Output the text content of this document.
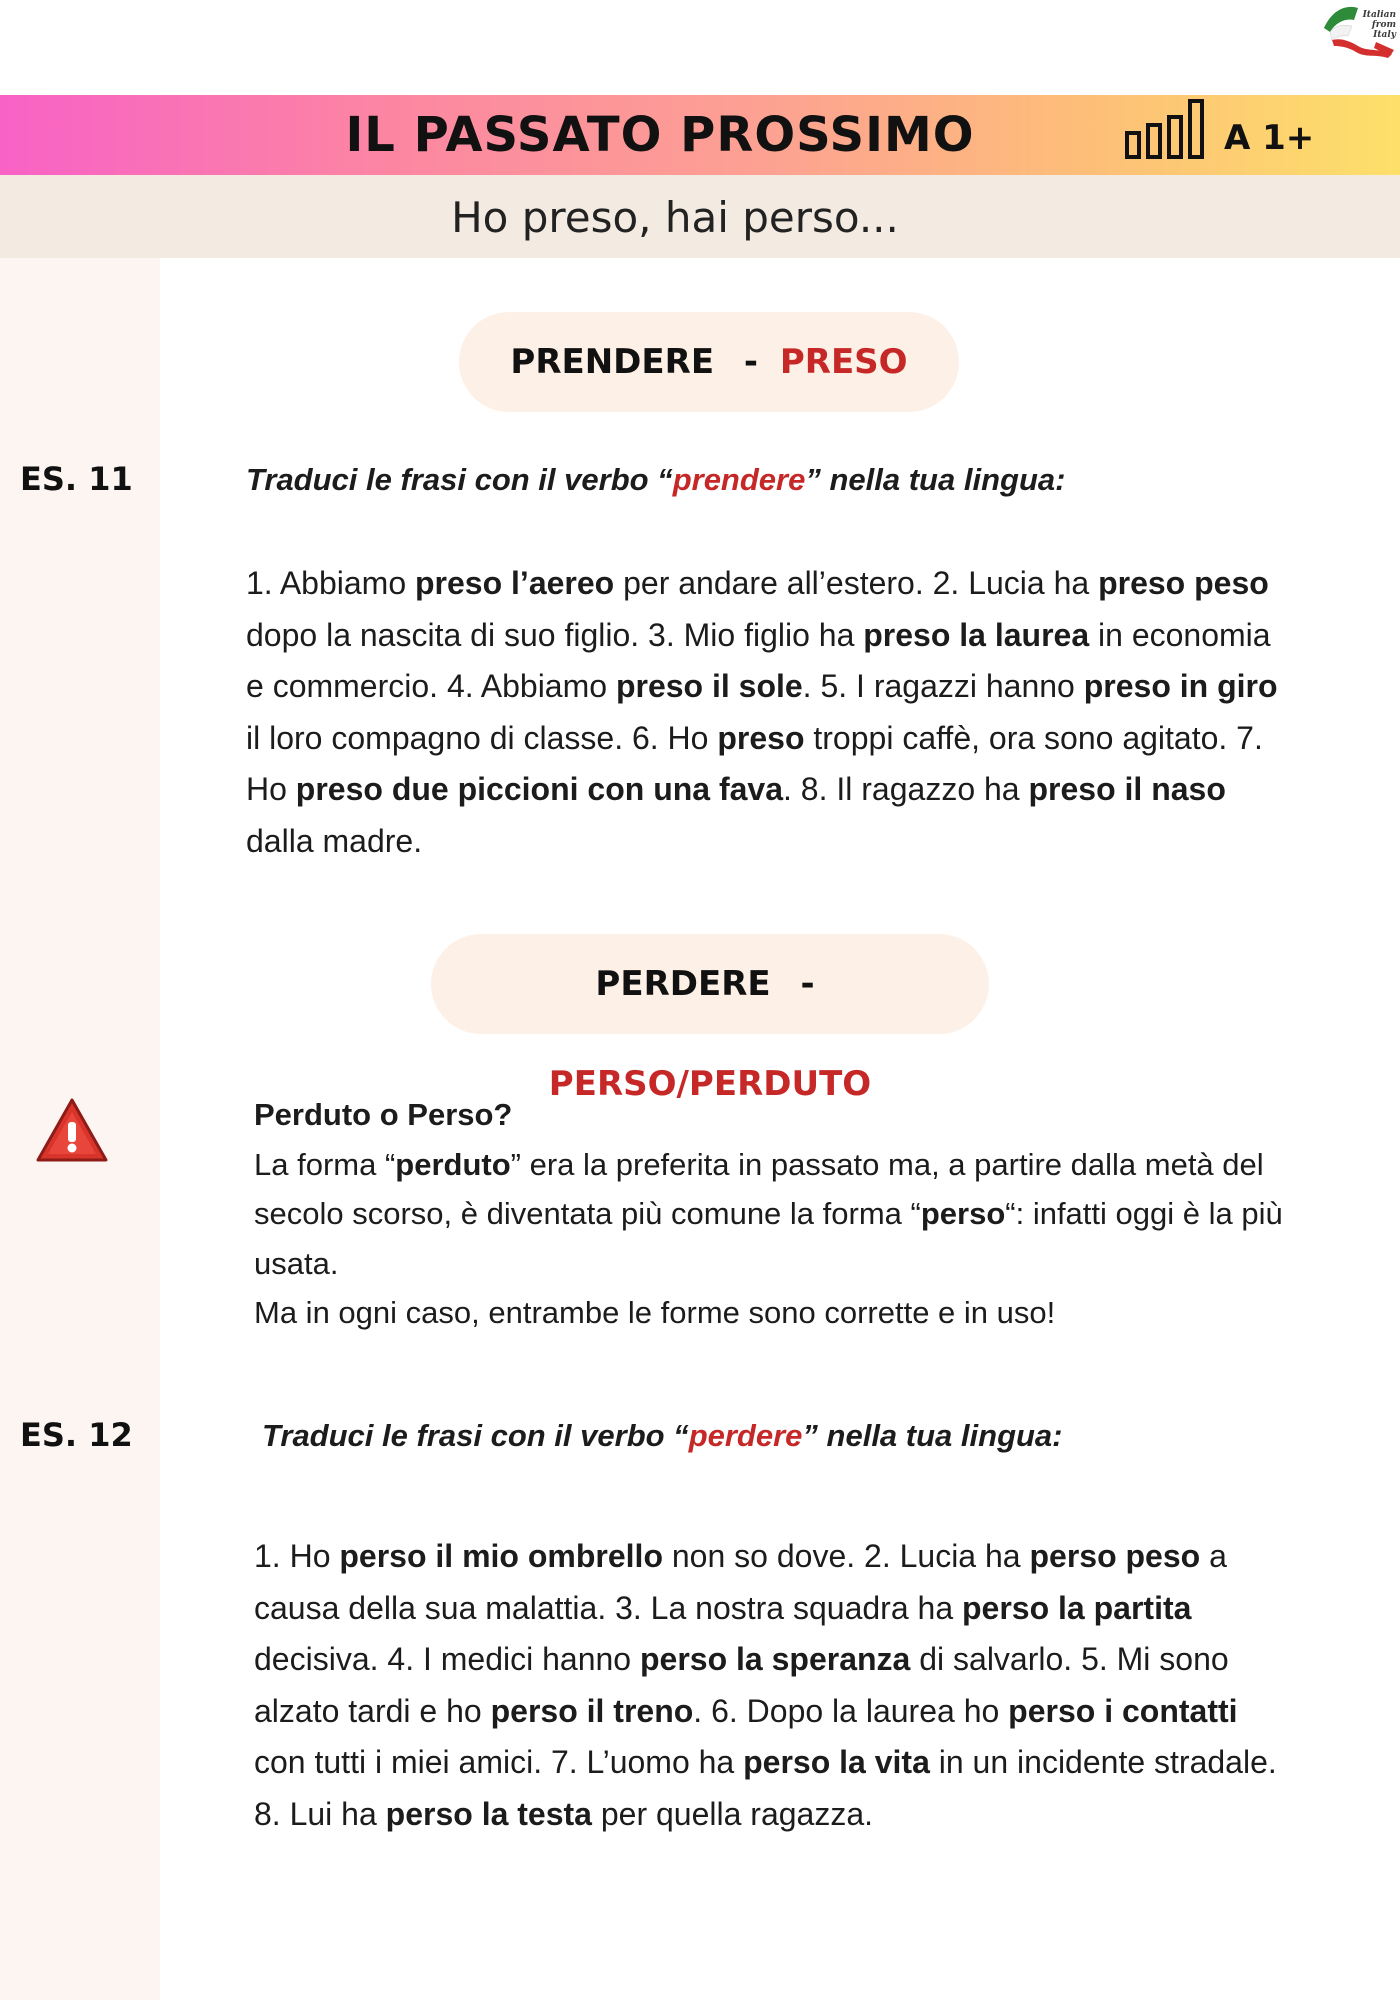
Italian
from
Italy
IL PASSATO PROSSIMO	A 1+
Ho preso, hai perso...
PRENDERE - PRESO
ES. 11	Traduci le frasi con il verbo “prendere” nella tua lingua:
1. Abbiamo preso l’aereo per andare all’estero. 2. Lucia ha preso peso dopo la nascita di suo figlio. 3. Mio figlio ha preso la laurea in economia e commercio. 4. Abbiamo preso il sole. 5. I ragazzi hanno preso in giro il loro compagno di classe. 6. Ho preso troppi caffè, ora sono agitato. 7. Ho preso due piccioni con una fava. 8. Il ragazzo ha preso il naso dalla madre.
PERDERE - PERSO/PERDUTO

Perduto o Perso?

La forma “perduto” era la preferita in passato ma, a partire dalla metà del secolo scorso, è diventata più comune la forma “perso“: infatti oggi è la più usata.

Ma in ogni caso, entrambe le forme sono corrette e in uso!

ES. 12	Traduci le frasi con il verbo “perdere” nella tua lingua:
1. Ho perso il mio ombrello non so dove. 2. Lucia ha perso peso a causa della sua malattia. 3. La nostra squadra ha perso la partita decisiva. 4. I medici hanno perso la speranza di salvarlo. 5. Mi sono alzato tardi e ho perso il treno. 6. Dopo la laurea ho perso i contatti con tutti i miei amici. 7. L’uomo ha perso la vita in un incidente stradale. 8. Lui ha perso la testa per quella ragazza.
